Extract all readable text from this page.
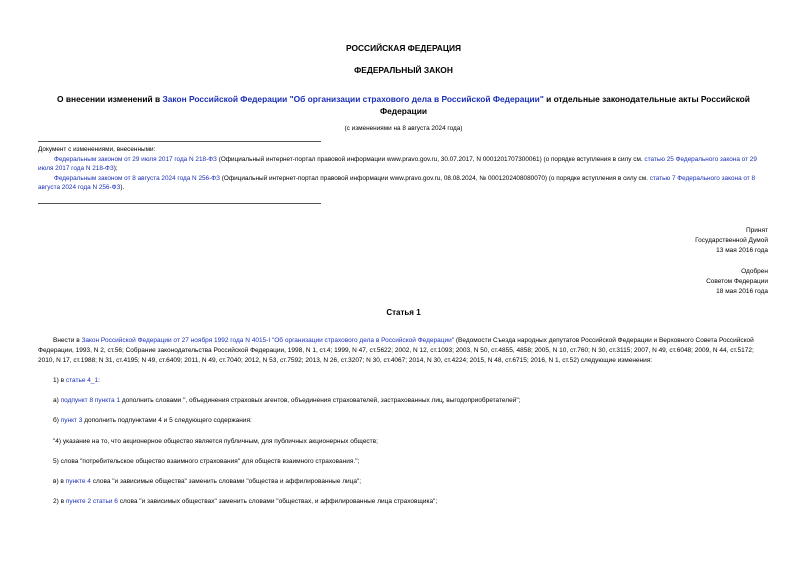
РОССИЙСКАЯ ФЕДЕРАЦИЯ
ФЕДЕРАЛЬНЫЙ ЗАКОН
О внесении изменений в Закон Российской Федерации "Об организации страхового дела в Российской Федерации" и отдельные законодательные акты Российской Федерации
(с изменениями на 8 августа 2024 года)

Документ с изменениями, внесенными:

Федеральным законом от 29 июля 2017 года N 218-ФЗ (Официальный интернет-портал правовой информации www.pravo.gov.ru, 30.07.2017, N 0001201707300061) (о порядке вступления в силу см. статью 25 Федерального закона от 29 июля 2017 года N 218-ФЗ);

Федеральным законом от 8 августа 2024 года N 256-ФЗ (Официальный интернет-портал правовой информации www.pravo.gov.ru, 08.08.2024, № 0001202408080070) (о порядке вступления в силу см. статью 7 Федерального закона от 8 августа 2024 года N 256-ФЗ).

Принят
Государственной Думой
13 мая 2016 года
Одобрен
Советом Федерации
18 мая 2016 года
Статья 1

Внести в Закон Российской Федерации от 27 ноября 1992 года N 4015-I "Об организации страхового дела в Российской Федерации" (Ведомости Съезда народных депутатов Российской Федерации и Верховного Совета Российской Федерации, 1993, N 2, ст.56; Собрание законодательства Российской Федерации, 1998, N 1, ст.4; 1999, N 47, ст.5622; 2002, N 12, ст.1093; 2003, N 50, ст.4855, 4858; 2005, N 10, ст.760; N 30, ст.3115; 2007, N 49, ст.6048; 2009, N 44, ст.5172; 2010, N 17, ст.1988; N 31, ст.4195; N 49, ст.6409; 2011, N 49, ст.7040; 2012, N 53, ст.7592; 2013, N 26, ст.3207; N 30, ст.4067; 2014, N 30, ст.4224; 2015, N 48, ст.6715; 2016, N 1, ст.52) следующие изменения:

1) в статье 4_1:

а) подпункт 8 пункта 1 дополнить словами ", объединения страховых агентов, объединения страхователей, застрахованных лиц, выгодоприобретателей";

б) пункт 3 дополнить подпунктами 4 и 5 следующего содержания:

"4) указание на то, что акционерное общество является публичным, для публичных акционерных обществ;

5) слова "потребительское общество взаимного страхования" для обществ взаимного страхования.";

в) в пункте 4 слова "и зависимые общества" заменить словами "общества и аффилированные лица";

2) в пункте 2 статьи 6 слова "и зависимых обществах" заменить словами "обществах, и аффилированные лица страховщика";
